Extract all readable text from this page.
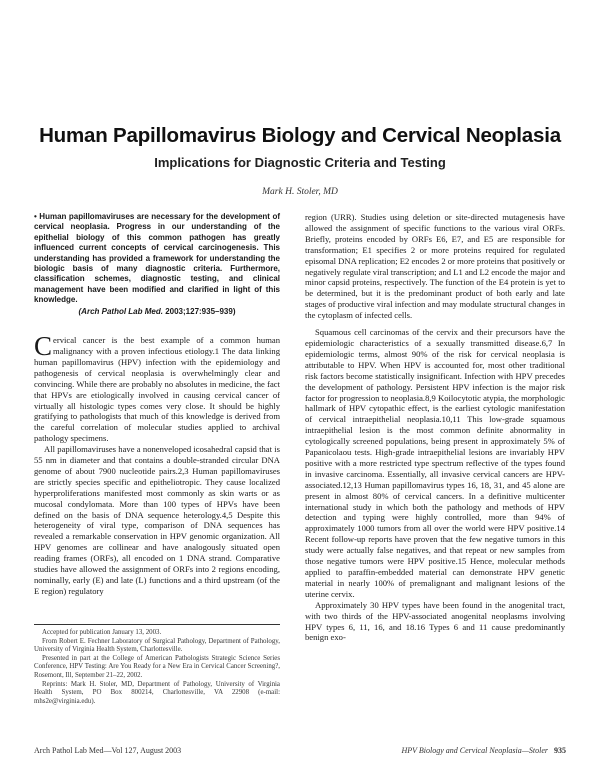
Human Papillomavirus Biology and Cervical Neoplasia
Implications for Diagnostic Criteria and Testing
Mark H. Stoler, MD
• Human papillomaviruses are necessary for the development of cervical neoplasia. Progress in our understanding of the epithelial biology of this common pathogen has greatly influenced current concepts of cervical carcinogenesis. This understanding has provided a framework for understanding the biologic basis of many diagnostic criteria. Furthermore, classification schemes, diagnostic testing, and clinical management have been modified and clarified in light of this knowledge.
(Arch Pathol Lab Med. 2003;127:935–939)

Cervical cancer is the best example of a common human malignancy with a proven infectious etiology.1 The data linking human papillomavirus (HPV) infection with the epidemiology and pathogenesis of cervical neoplasia is overwhelmingly clear and convincing. While there are probably no absolutes in medicine, the fact that HPVs are etiologically involved in causing cervical cancer of virtually all histologic types comes very close. It should be highly gratifying to pathologists that much of this knowledge is derived from the careful correlation of molecular studies applied to archival pathology specimens.

All papillomaviruses have a nonenveloped icosahedral capsid that is 55 nm in diameter and that contains a double-stranded circular DNA genome of about 7900 nucleotide pairs.2,3 Human papillomaviruses are strictly species specific and epitheliotropic. They cause localized hyperproliferations manifested most commonly as skin warts or as mucosal condylomata. More than 100 types of HPVs have been defined on the basis of DNA sequence heterology.4,5 Despite this heterogeneity of viral type, comparison of DNA sequences has revealed a remarkable conservation in HPV genomic organization. All HPV genomes are collinear and have analogously situated open reading frames (ORFs), all encoded on 1 DNA strand. Comparative studies have allowed the assignment of ORFs into 2 regions encoding, nominally, early (E) and late (L) functions and a third upstream (of the E region) regulatory

Accepted for publication January 13, 2003.

From Robert E. Fechner Laboratory of Surgical Pathology, Department of Pathology, University of Virginia Health System, Charlottesville.

Presented in part at the College of American Pathologists Strategic Science Series Conference, HPV Testing: Are You Ready for a New Era in Cervical Cancer Screening?, Rosemont, Ill, September 21–22, 2002.

Reprints: Mark H. Stoler, MD, Department of Pathology, University of Virginia Health System, PO Box 800214, Charlottesville, VA 22908 (e-mail: mhs2e@virginia.edu).

region (URR). Studies using deletion or site-directed mutagenesis have allowed the assignment of specific functions to the various viral ORFs. Briefly, proteins encoded by ORFs E6, E7, and E5 are responsible for transformation; E1 specifies 2 or more proteins required for regulated episomal DNA replication; E2 encodes 2 or more proteins that positively or negatively regulate viral transcription; and L1 and L2 encode the major and minor capsid proteins, respectively. The function of the E4 protein is yet to be determined, but it is the predominant product of both early and late stages of productive viral infection and may modulate structural changes in the cytoplasm of infected cells.

Squamous cell carcinomas of the cervix and their precursors have the epidemiologic characteristics of a sexually transmitted disease.6,7 In epidemiologic terms, almost 90% of the risk for cervical neoplasia is attributable to HPV. When HPV is accounted for, most other traditional risk factors become statistically insignificant. Infection with HPV precedes the development of pathology. Persistent HPV infection is the major risk factor for progression to neoplasia.8,9 Koilocytotic atypia, the morphologic hallmark of HPV cytopathic effect, is the earliest cytologic manifestation of cervical intraepithelial neoplasia.10,11 This low-grade squamous intraepithelial lesion is the most common definite abnormality in cytologically screened populations, being present in approximately 5% of Papanicolaou tests. High-grade intraepithelial lesions are invariably HPV positive with a more restricted type spectrum reflective of the types found in invasive carcinoma. Essentially, all invasive cervical cancers are HPV-associated.12,13 Human papillomavirus types 16, 18, 31, and 45 alone are present in almost 80% of cervical cancers. In a definitive multicenter international study in which both the pathology and methods of HPV detection and typing were highly controlled, more than 94% of approximately 1000 tumors from all over the world were HPV positive.14 Recent follow-up reports have proven that the few negative tumors in this study were actually false negatives, and that repeat or new samples from those negative tumors were HPV positive.15 Hence, molecular methods applied to paraffin-embedded material can demonstrate HPV genetic material in nearly 100% of premalignant and malignant lesions of the uterine cervix.

Approximately 30 HPV types have been found in the anogenital tract, with two thirds of the HPV-associated anogenital neoplasms involving HPV types 6, 11, 16, and 18.16 Types 6 and 11 cause predominantly benign exo-

Arch Pathol Lab Med—Vol 127, August 2003	HPV Biology and Cervical Neoplasia—Stoler 935
